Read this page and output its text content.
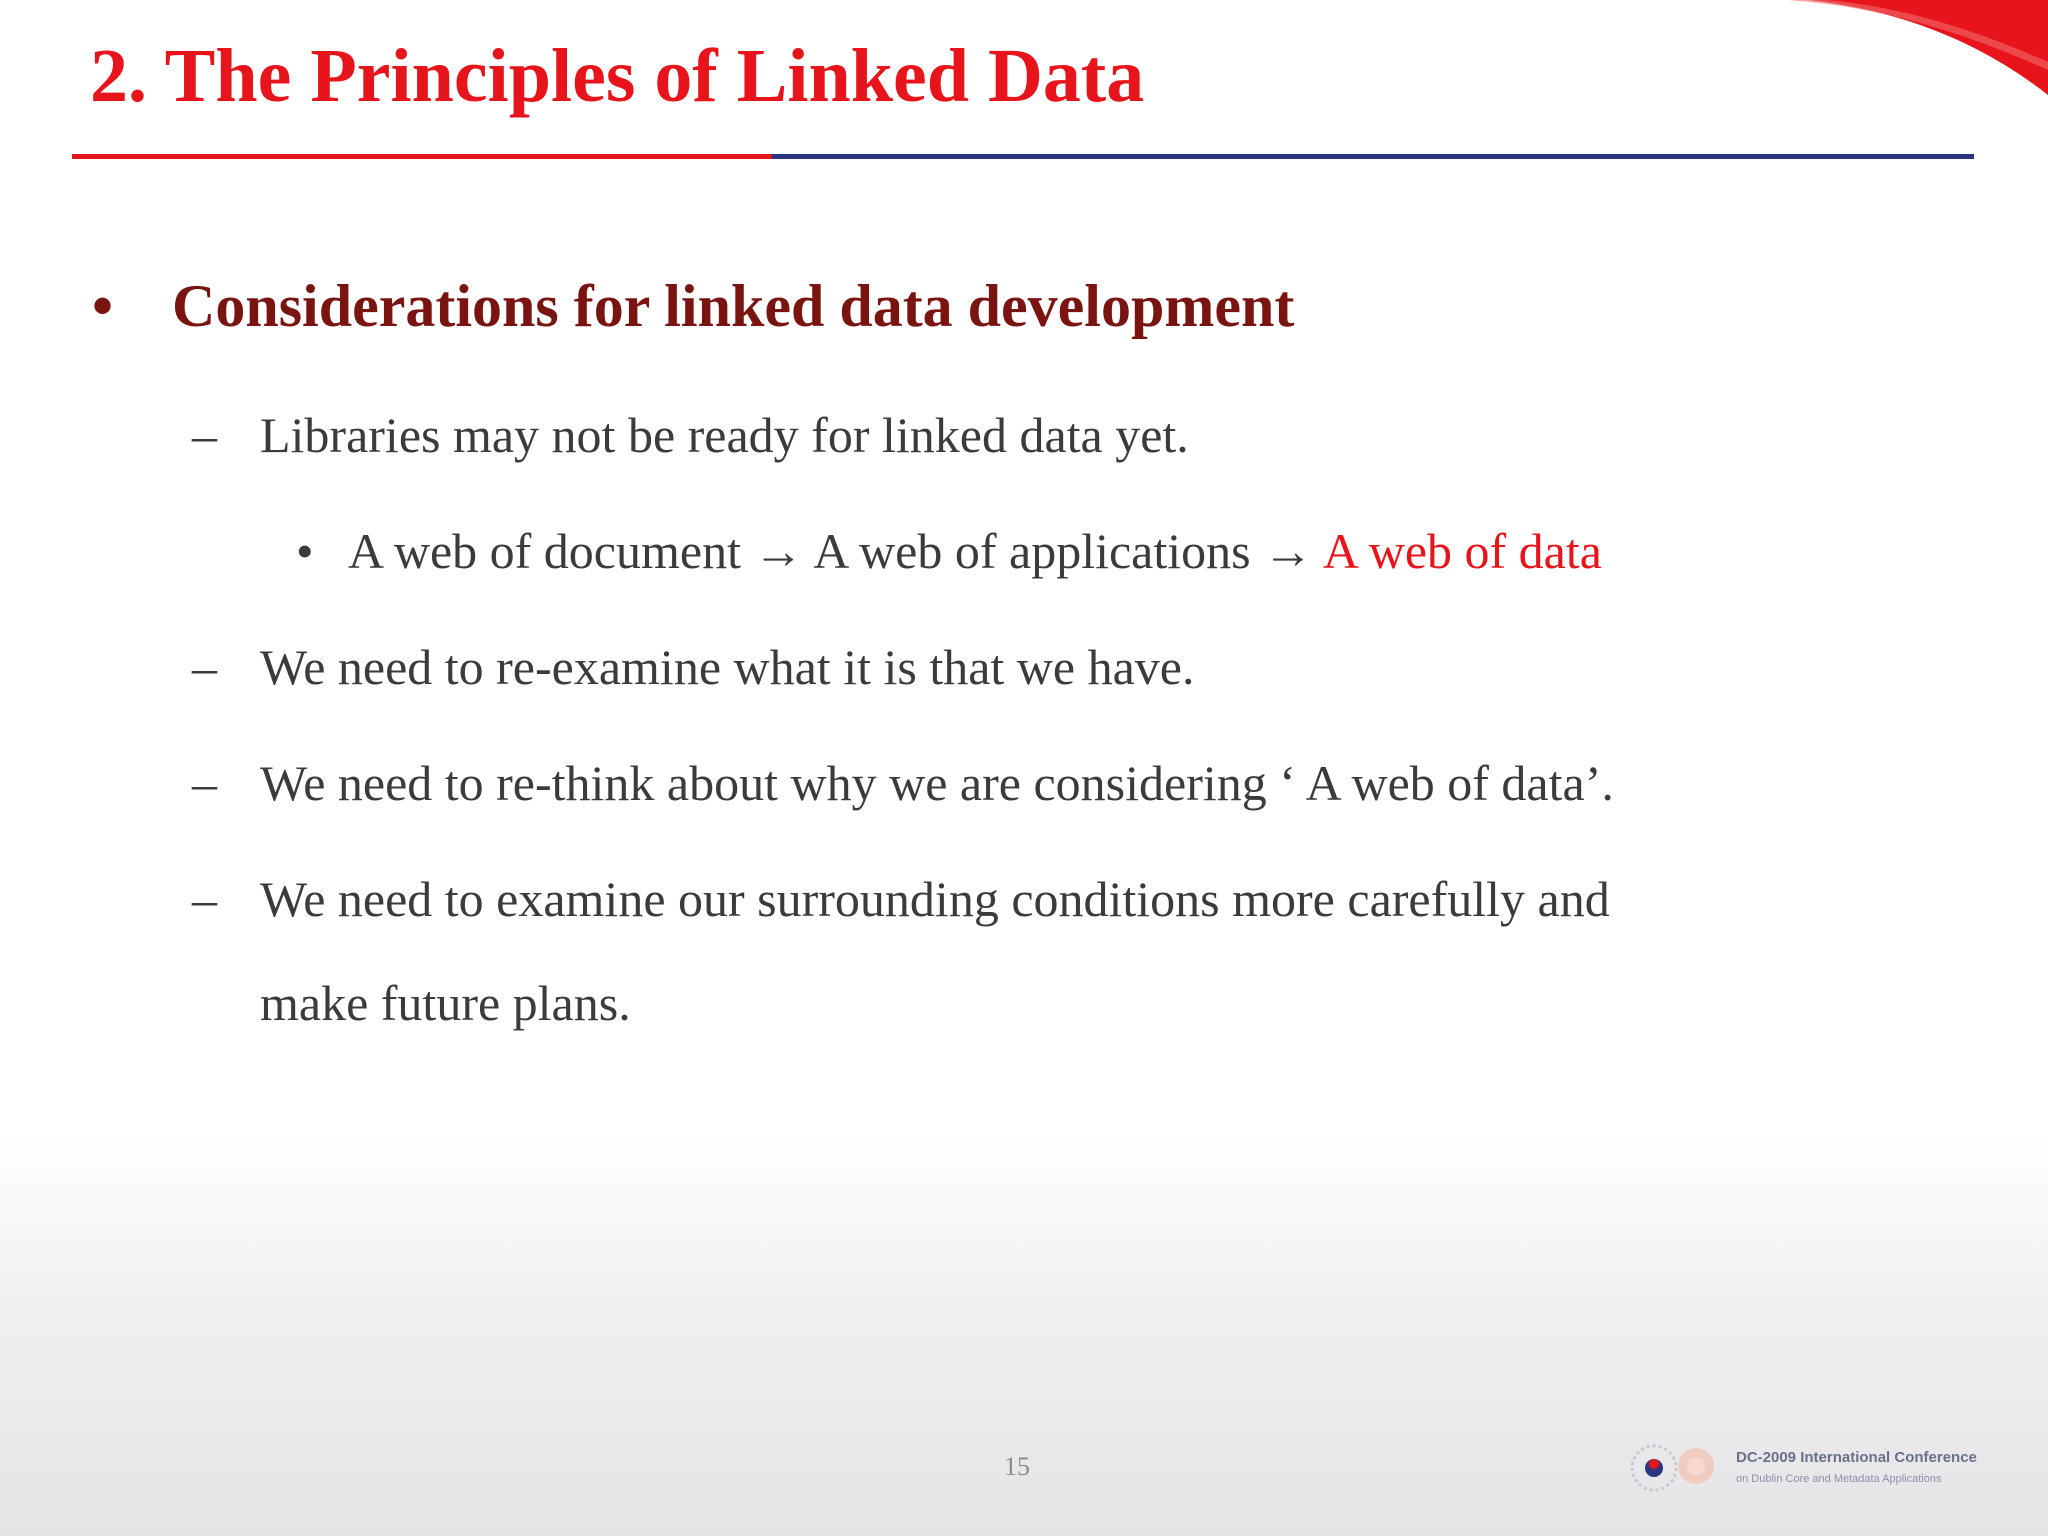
2. The Principles of Linked Data
• Considerations for linked data development
– Libraries may not be ready for linked data yet.
• A web of document → A web of applications → A web of data
– We need to re-examine what it is that we have.
– We need to re-think about why we are considering ‘ A web of data’.
– We need to examine our surrounding conditions more carefully and
make future plans.
15	DC-2009 International Conference
on Dublin Core and Metadata Applications
